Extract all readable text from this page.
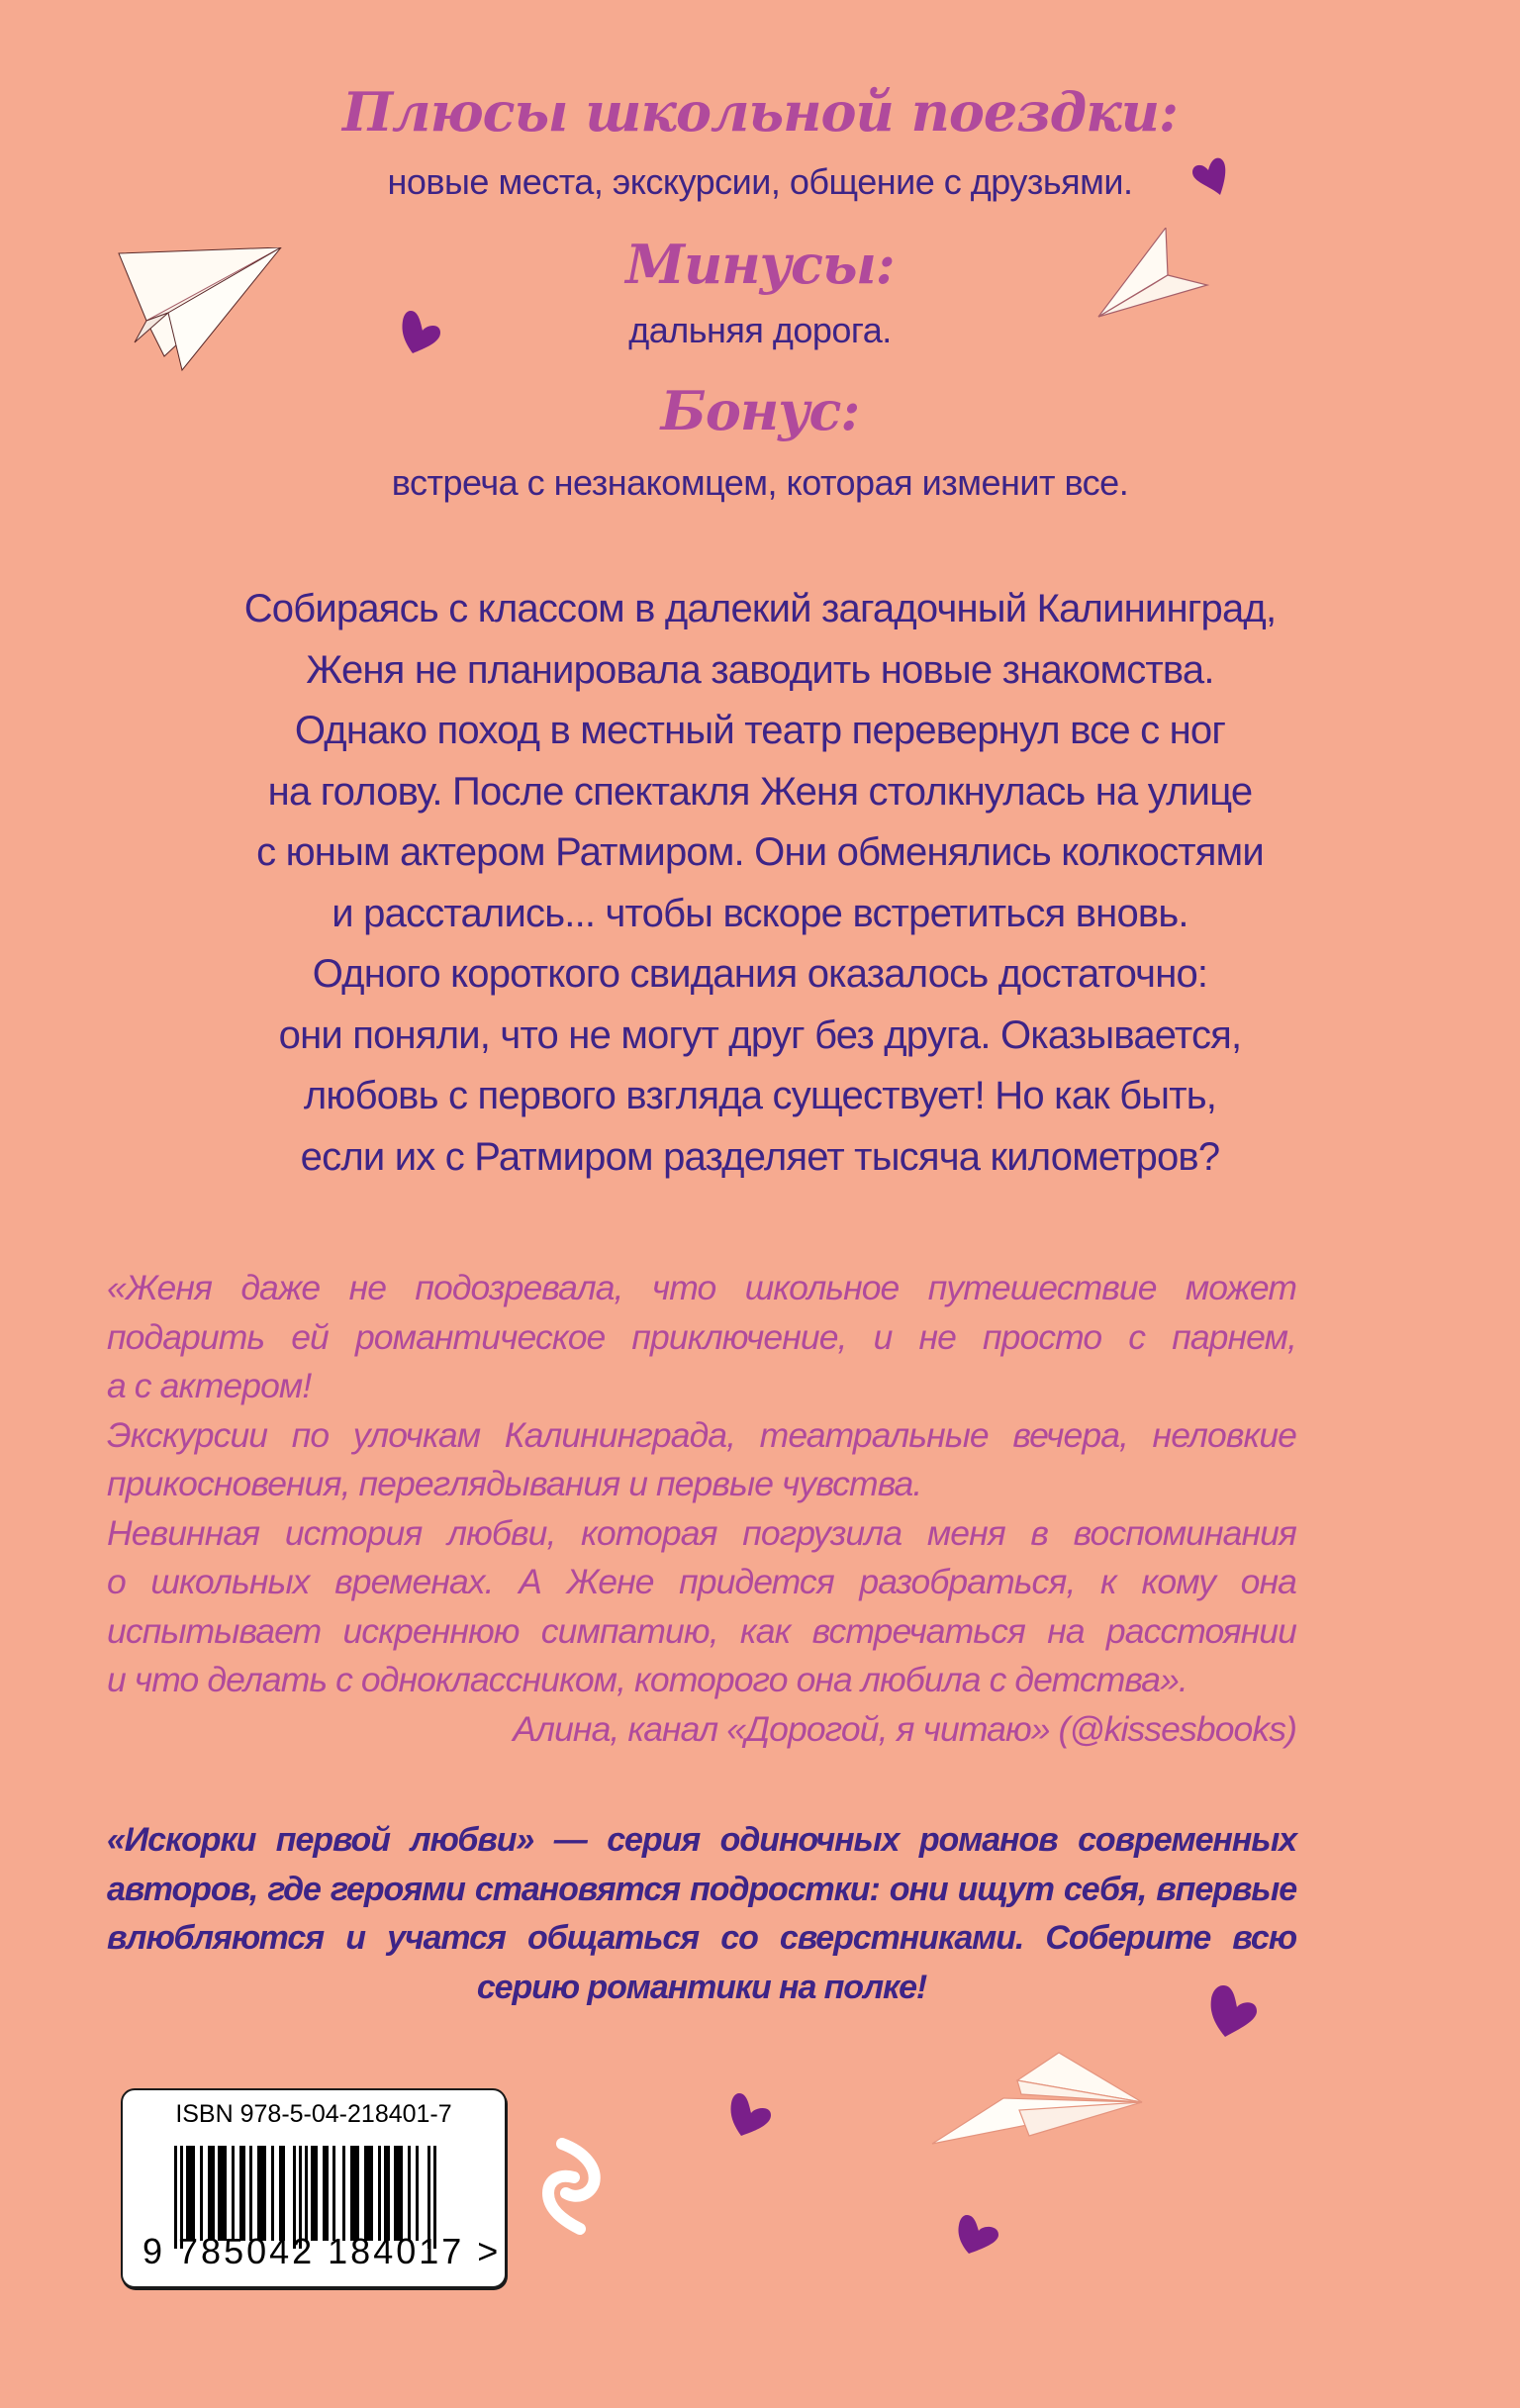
Плюсы школьной поездки:
новые места, экскурсии, общение с друзьями.
Минусы:
дальняя дорога.
Бонус:
встреча с незнакомцем, которая изменит все.
Собираясь с классом в далекий загадочный Калининград,
Женя не планировала заводить новые знакомства.
Однако поход в местный театр перевернул все с ног
на голову. После спектакля Женя столкнулась на улице
с юным актером Ратмиром. Они обменялись колкостями
и расстались... чтобы вскоре встретиться вновь.
Одного короткого свидания оказалось достаточно:
они поняли, что не могут друг без друга. Оказывается,
любовь с первого взгляда существует! Но как быть,
если их с Ратмиром разделяет тысяча километров?
«Женя даже не подозревала, что школьное путешествие может
подарить ей романтическое приключение, и не просто с парнем,
а с актером!
Экскурсии по улочкам Калининграда, театральные вечера, неловкие
прикосновения, переглядывания и первые чувства.
Невинная история любви, которая погрузила меня в воспоминания
о школьных временах. А Жене придется разобраться, к кому она
испытывает искреннюю симпатию, как встречаться на расстоянии
и что делать с одноклассником, которого она любила с детства».
Алина, канал «Дорогой, я читаю» (@kissesbooks)
«Искорки первой любви» — серия одиночных романов современных
авторов, где героями становятся подростки: они ищут себя, впервые
влюбляются и учатся общаться со сверстниками. Соберите всю
серию романтики на полке!
ISBN 978-5-04-218401-7
9 785042 184017 >
